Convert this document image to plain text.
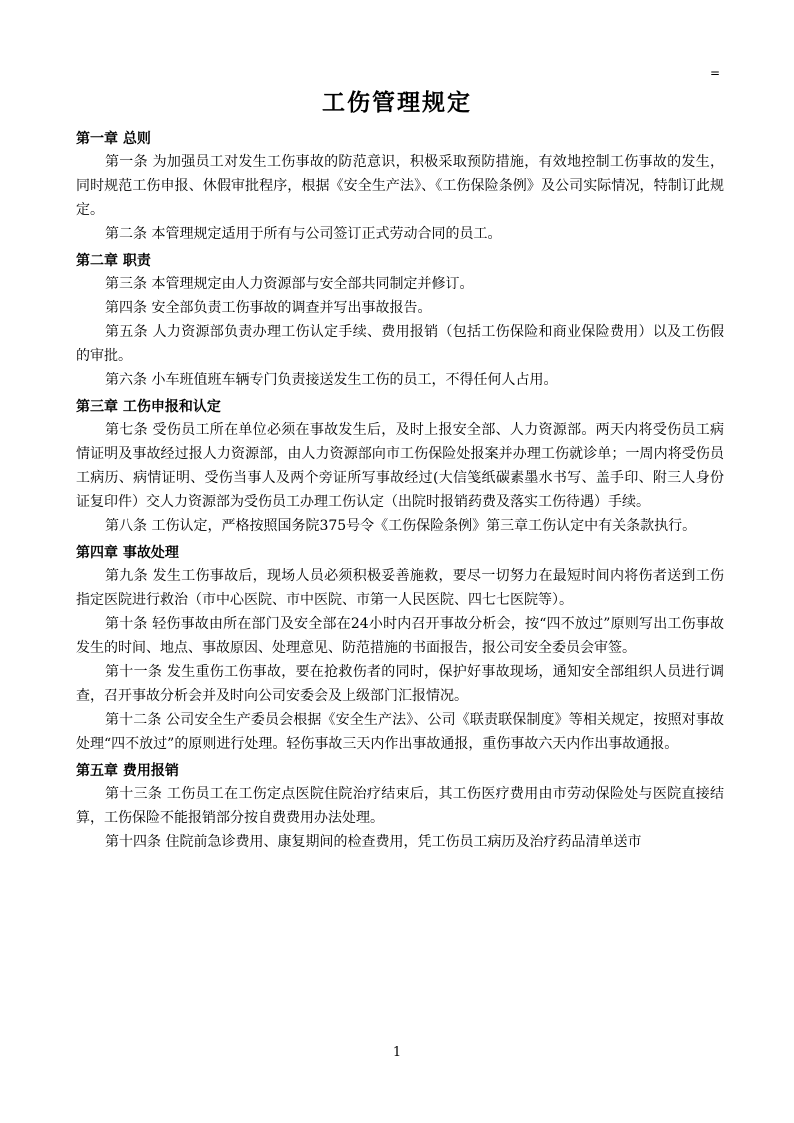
=
工伤管理规定
第一章 总则

第一条 为加强员工对发生工伤事故的防范意识，积极采取预防措施，有效地控制工伤事故的发生，同时规范工伤申报、休假审批程序，根据《安全生产法》、《工伤保险条例》及公司实际情况，特制订此规定。

第二条 本管理规定适用于所有与公司签订正式劳动合同的员工。

第二章 职责

第三条 本管理规定由人力资源部与安全部共同制定并修订。

第四条 安全部负责工伤事故的调查并写出事故报告。

第五条 人力资源部负责办理工伤认定手续、费用报销（包括工伤保险和商业保险费用）以及工伤假的审批。

第六条 小车班值班车辆专门负责接送发生工伤的员工，不得任何人占用。

第三章 工伤申报和认定

第七条 受伤员工所在单位必须在事故发生后，及时上报安全部、人力资源部。两天内将受伤员工病情证明及事故经过报人力资源部，由人力资源部向市工伤保险处报案并办理工伤就诊单；一周内将受伤员工病历、病情证明、受伤当事人及两个旁证所写事故经过(大信笺纸碳素墨水书写、盖手印、附三人身份证复印件）交人力资源部为受伤员工办理工伤认定（出院时报销药费及落实工伤待遇）手续。

第八条 工伤认定，严格按照国务院375号令《工伤保险条例》第三章工伤认定中有关条款执行。

第四章 事故处理

第九条 发生工伤事故后，现场人员必须积极妥善施救，要尽一切努力在最短时间内将伤者送到工伤指定医院进行救治（市中心医院、市中医院、市第一人民医院、四七七医院等）。

第十条 轻伤事故由所在部门及安全部在24小时内召开事故分析会，按“四不放过”原则写出工伤事故发生的时间、地点、事故原因、处理意见、防范措施的书面报告，报公司安全委员会审签。

第十一条 发生重伤工伤事故，要在抢救伤者的同时，保护好事故现场，通知安全部组织人员进行调查，召开事故分析会并及时向公司安委会及上级部门汇报情况。

第十二条 公司安全生产委员会根据《安全生产法》、公司《联责联保制度》等相关规定，按照对事故处理“四不放过”的原则进行处理。轻伤事故三天内作出事故通报，重伤事故六天内作出事故通报。

第五章 费用报销

第十三条 工伤员工在工伤定点医院住院治疗结束后，其工伤医疗费用由市劳动保险处与医院直接结算，工伤保险不能报销部分按自费费用办法处理。

第十四条 住院前急诊费用、康复期间的检查费用，凭工伤员工病历及治疗药品清单送市

1
